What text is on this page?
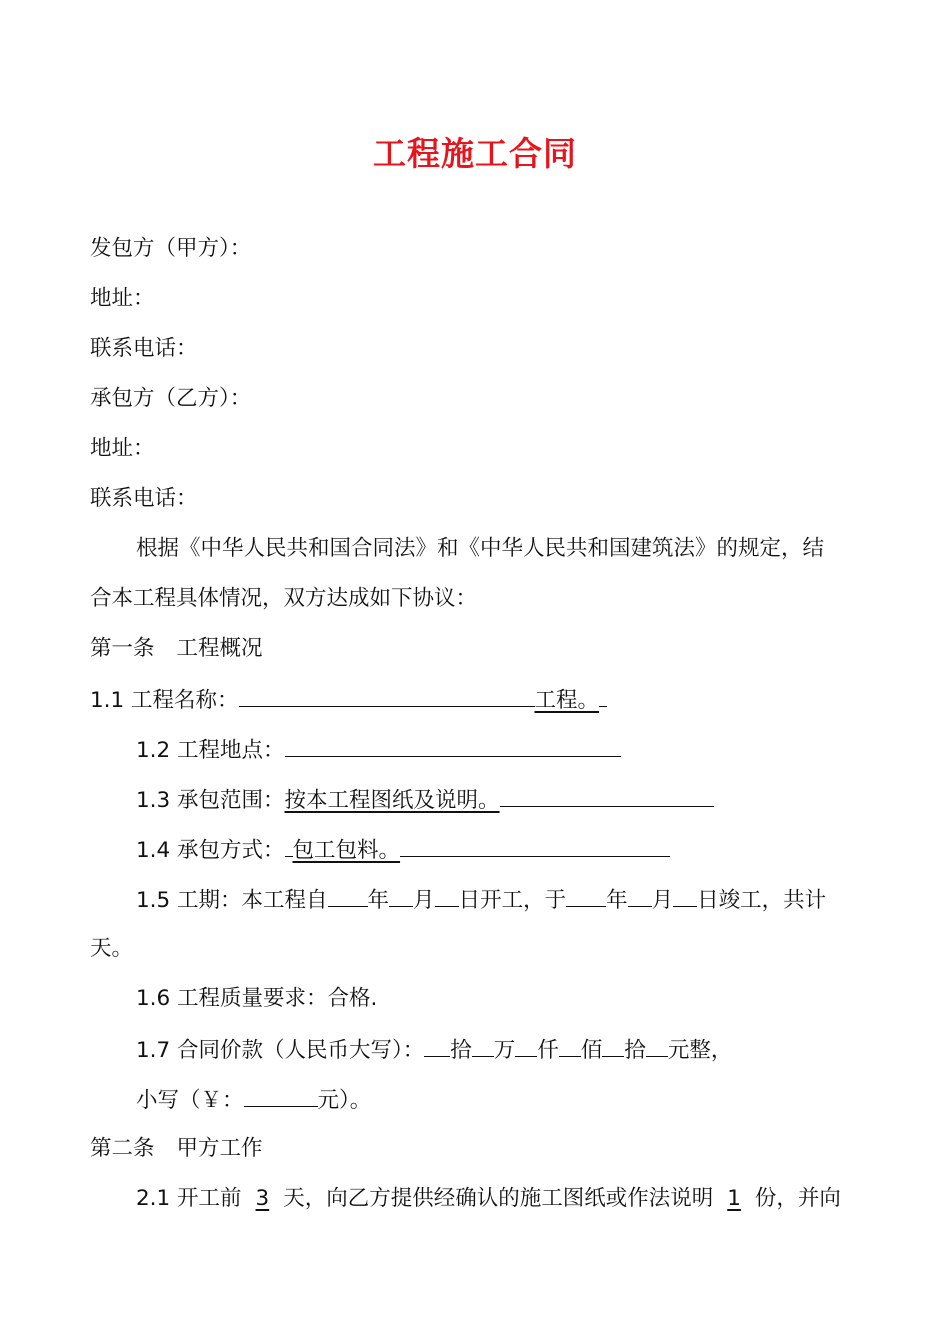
工程施工合同
发包方（甲方）：
地址：
联系电话：
承包方（乙方）：
地址：
联系电话：
根据《中华人民共和国合同法》和《中华人民共和国建筑法》的规定，结
合本工程具体情况，双方达成如下协议：
第一条 工程概况
1.1 工程名称：	工程。
1.2 工程地点：
1.3 承包范围：按本工程图纸及说明。
1.4 承包方式： 包工包料。
1.5 工期：本工程自 年 月 日开工，于 年 月 日竣工，共计
天。
1.6 工程质量要求：合格.
1.7 合同价款（人民币大写）： 拾 万 仟 佰 拾 元整，
小写（￥：	元）。
第二条 甲方工作
2.1 开工前 3 天，向乙方提供经确认的施工图纸或作法说明 1 份，并向
